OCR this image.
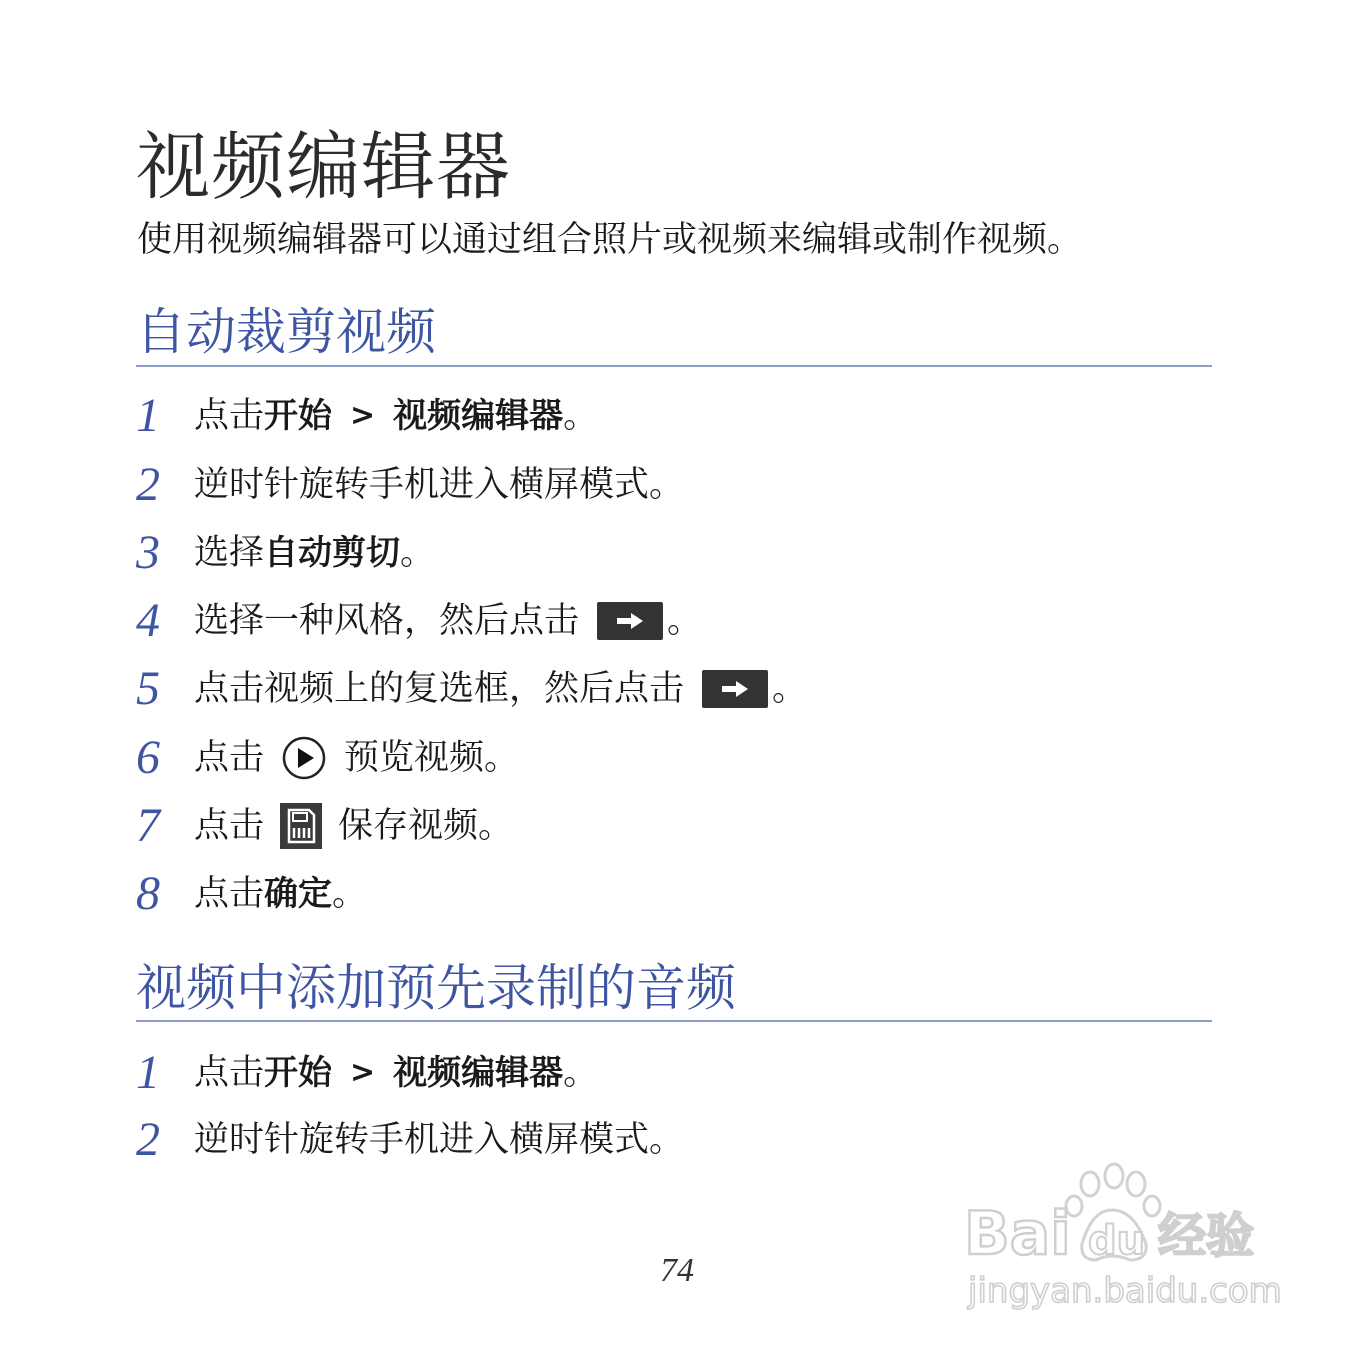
视频编辑器
使用视频编辑器可以通过组合照片或视频来编辑或制作视频。
自动裁剪视频
1 点击 开始 > 视频编辑器 。
2 逆时针旋转手机进入横屏模式。
3 选择 自动剪切 。
4 选择一种风格，然后点击	。
5 点击视频上的复选框，然后点击	。
6 点击 预览视频。
7 点击 保存视频。
8 点击 确定 。
视频中添加预先录制的音频
1 点击 开始 > 视频编辑器 。
2 逆时针旋转手机进入横屏模式。
74
Bai du 经验
jingyan.baidu.com
